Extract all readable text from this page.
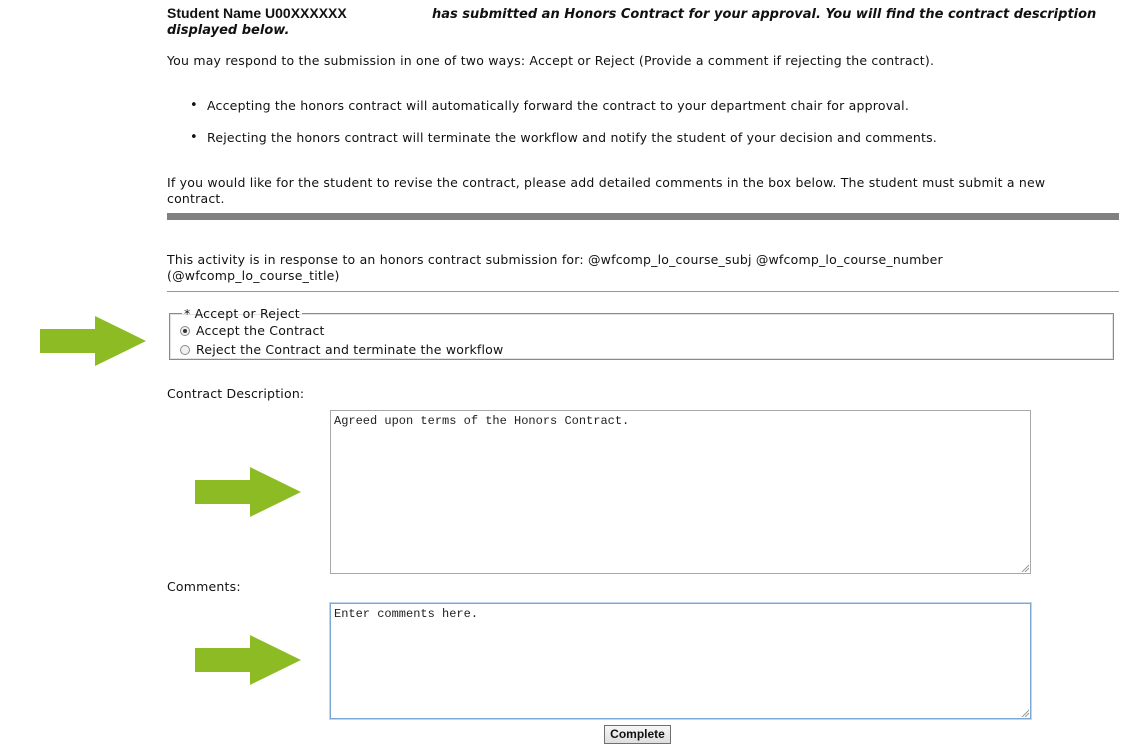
Student Name U00XXXXXX	has submitted an Honors Contract for your approval. You will find the contract description
displayed below.
You may respond to the submission in one of two ways: Accept or Reject (Provide a comment if rejecting the contract).
• Accepting the honors contract will automatically forward the contract to your department chair for approval.
• Rejecting the honors contract will terminate the workflow and notify the student of your decision and comments.
If you would like for the student to revise the contract, please add detailed comments in the box below. The student must submit a new contract.
This activity is in response to an honors contract submission for: @wfcomp_lo_course_subj @wfcomp_lo_course_number (@wfcomp_lo_course_title)
* Accept or Reject
Accept the Contract
Reject the Contract and terminate the workflow
Contract Description:
Agreed upon terms of the Honors Contract.
Comments:
Enter comments here.
Complete
